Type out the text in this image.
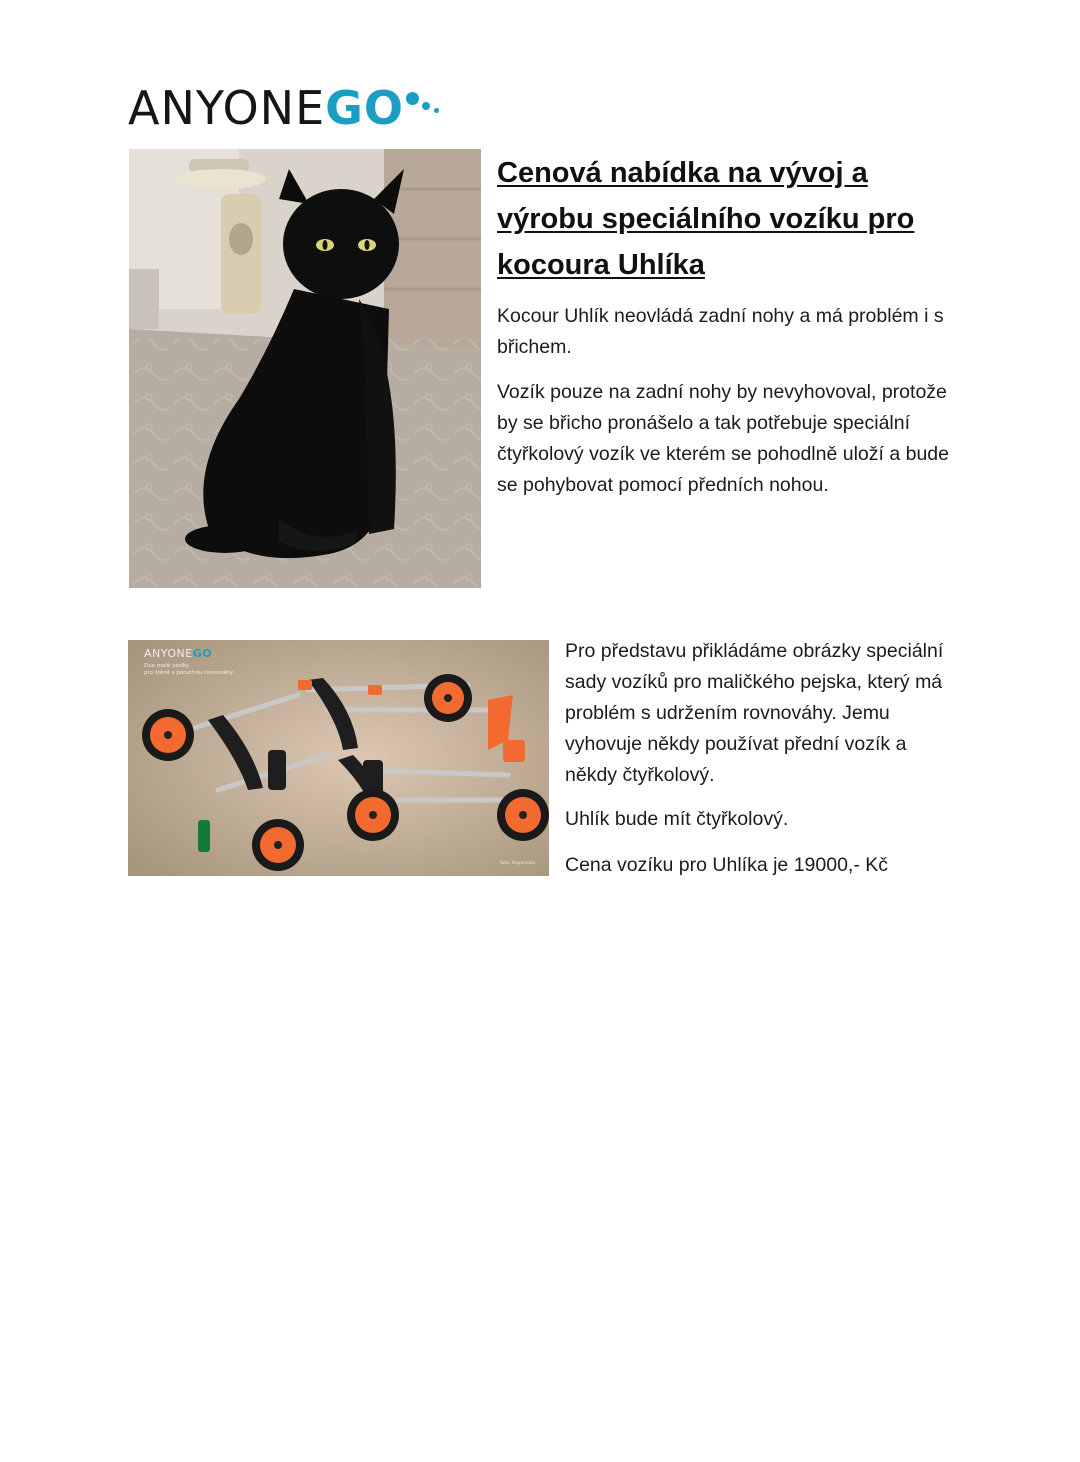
ANYONE GO
Cenová nabídka na vývoj a výrobu speciálního vozíku pro kocoura Uhlíka

Kocour Uhlík neovládá zadní nohy a má problém i s břichem.

Vozík pouze na zadní nohy by nevyhovoval, protože by se břicho pronášelo a tak potřebuje speciální čtyřkolový vozík ve kterém se pohodlně uloží a bude se pohybovat pomocí předních nohou.

ANYONEGO
Dva malé vozíky
pro štěně s poruchou rovnováhy
foto: AnyoneGo

Pro představu přikládáme obrázky speciální sady vozíků pro maličkého pejska, který má problém s udržením rovnováhy. Jemu vyhovuje někdy používat přední vozík a někdy čtyřkolový.

Uhlík bude mít čtyřkolový.

Cena vozíku pro Uhlíka je 19000,- Kč
